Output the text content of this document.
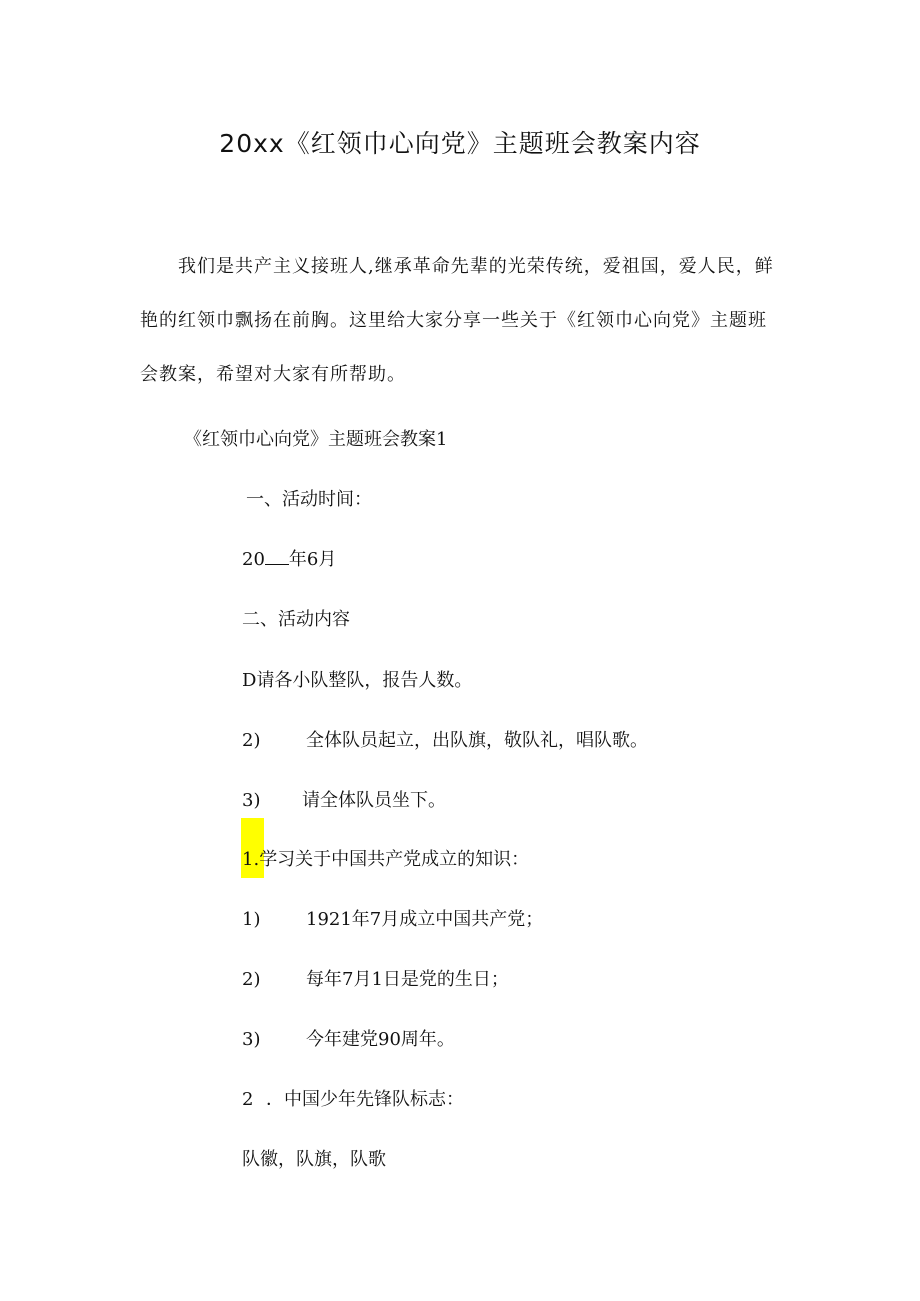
20xx《红领巾心向党》主题班会教案内容

我们是共产主义接班人,继承革命先辈的光荣传统，爱祖国，爱人民，鲜艳的红领巾飘扬在前胸。这里给大家分享一些关于《红领巾心向党》主题班会教案，希望对大家有所帮助。

《红领巾心向党》主题班会教案1

一、活动时间：

20 年6月

二、活动内容

D请各小队整队，报告人数。

2)	全体队员起立，出队旗，敬队礼，唱队歌。

3) 请全体队员坐下。

1.学习关于中国共产党成立的知识：

1)	1921年7月成立中国共产党；

2)	每年7月1日是党的生日；

3)	今年建党90周年。

2 ．中国少年先锋队标志：

队徽，队旗，队歌
